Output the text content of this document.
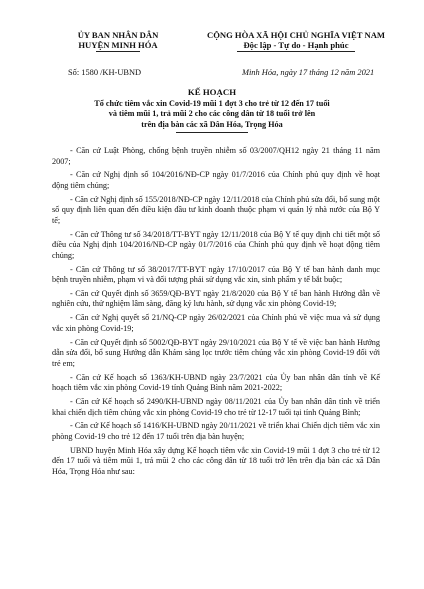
ỦY BAN NHÂN DÂN
HUYỆN MINH HÓA
CỘNG HÒA XÃ HỘI CHỦ NGHĨA VIỆT NAM
Độc lập - Tự do - Hạnh phúc
Số: 1580 /KH-UBND	Minh Hóa, ngày 17 tháng 12 năm 2021
KẾ HOẠCH
Tổ chức tiêm vắc xin Covid-19 mũi 1 đợt 3 cho trẻ từ 12 đến 17 tuổi
và tiêm mũi 1, trả mũi 2 cho các công dân từ 18 tuổi trở lên
trên địa bàn các xã Dân Hóa, Trọng Hóa

- Căn cứ Luật Phòng, chống bệnh truyền nhiễm số 03/2007/QH12 ngày 21 tháng 11 năm 2007;

- Căn cứ Nghị định số 104/2016/NĐ-CP ngày 01/7/2016 của Chính phủ quy định về hoạt động tiêm chủng;

- Căn cứ Nghị định số 155/2018/NĐ-CP ngày 12/11/2018 của Chính phủ sửa đổi, bổ sung một số quy định liên quan đến điều kiện đầu tư kinh doanh thuộc phạm vi quản lý nhà nước của Bộ Y tế;

- Căn cứ Thông tư số 34/2018/TT-BYT ngày 12/11/2018 của Bộ Y tế quy định chi tiết một số điều của Nghị định 104/2016/NĐ-CP ngày 01/7/2016 của Chính phủ quy định về hoạt động tiêm chủng;

- Căn cứ Thông tư số 38/2017/TT-BYT ngày 17/10/2017 của Bộ Y tế ban hành danh mục bệnh truyền nhiễm, phạm vi và đối tượng phải sử dụng vắc xin, sinh phẩm y tế bắt buộc;

- Căn cứ Quyết định số 3659/QĐ-BYT ngày 21/8/2020 của Bộ Y tế ban hành Hướng dẫn về nghiên cứu, thử nghiệm lâm sàng, đăng ký lưu hành, sử dụng vắc xin phòng Covid-19;

- Căn cứ Nghị quyết số 21/NQ-CP ngày 26/02/2021 của Chính phủ về việc mua và sử dụng vắc xin phòng Covid-19;

- Căn cứ Quyết định số 5002/QĐ-BYT ngày 29/10/2021 của Bộ Y tế về việc ban hành Hướng dẫn sửa đổi, bổ sung Hướng dẫn Khám sàng lọc trước tiêm chủng vắc xin phòng Covid-19 đối với trẻ em;

- Căn cứ Kế hoạch số 1363/KH-UBND ngày 23/7/2021 của Ủy ban nhân dân tỉnh về Kế hoạch tiêm vắc xin phòng Covid-19 tỉnh Quảng Bình năm 2021-2022;

- Căn cứ Kế hoạch số 2490/KH-UBND ngày 08/11/2021 của Ủy ban nhân dân tỉnh về triển khai chiến dịch tiêm chủng vắc xin phòng Covid-19 cho trẻ từ 12-17 tuổi tại tỉnh Quảng Bình;

- Căn cứ Kế hoạch số 1416/KH-UBND ngày 20/11/2021 về triển khai Chiến dịch tiêm vắc xin phòng Covid-19 cho trẻ 12 đến 17 tuổi trên địa bàn huyện;

UBND huyện Minh Hóa xây dựng Kế hoạch tiêm vắc xin Covid-19 mũi 1 đợt 3 cho trẻ từ 12 đến 17 tuổi và tiêm mũi 1, trả mũi 2 cho các công dân từ 18 tuổi trở lên trên địa bàn các xã Dân Hóa, Trọng Hóa như sau:
